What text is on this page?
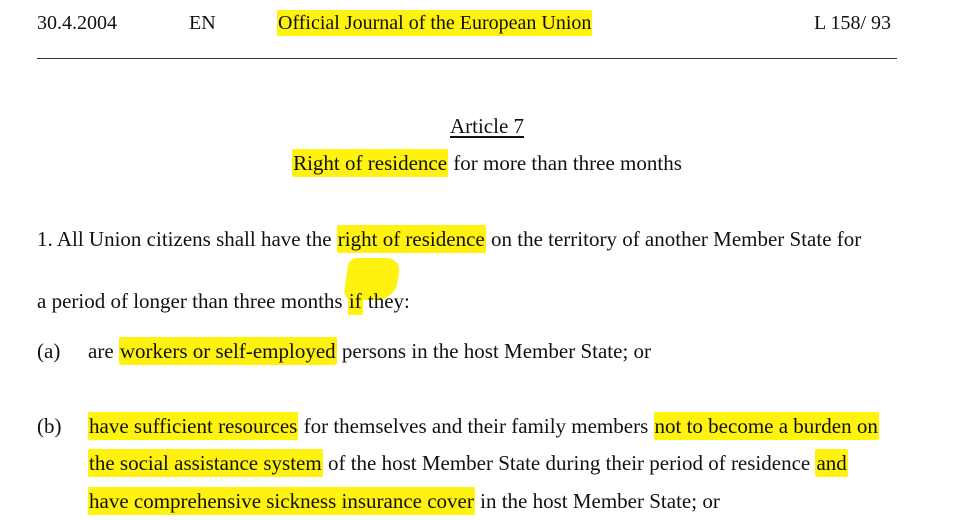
30.4.2004	EN	Official Journal of the European Union	L 158/ 93
Article 7
Right of residence for more than three months
1. All Union citizens shall have the right of residence on the territory of another Member State for
a period of longer than three months if they:
(a) are workers or self-employed persons in the host Member State; or
(b) have sufficient resources for themselves and their family members not to become a burden on
the social assistance system of the host Member State during their period of residence and
have comprehensive sickness insurance cover in the host Member State; or
